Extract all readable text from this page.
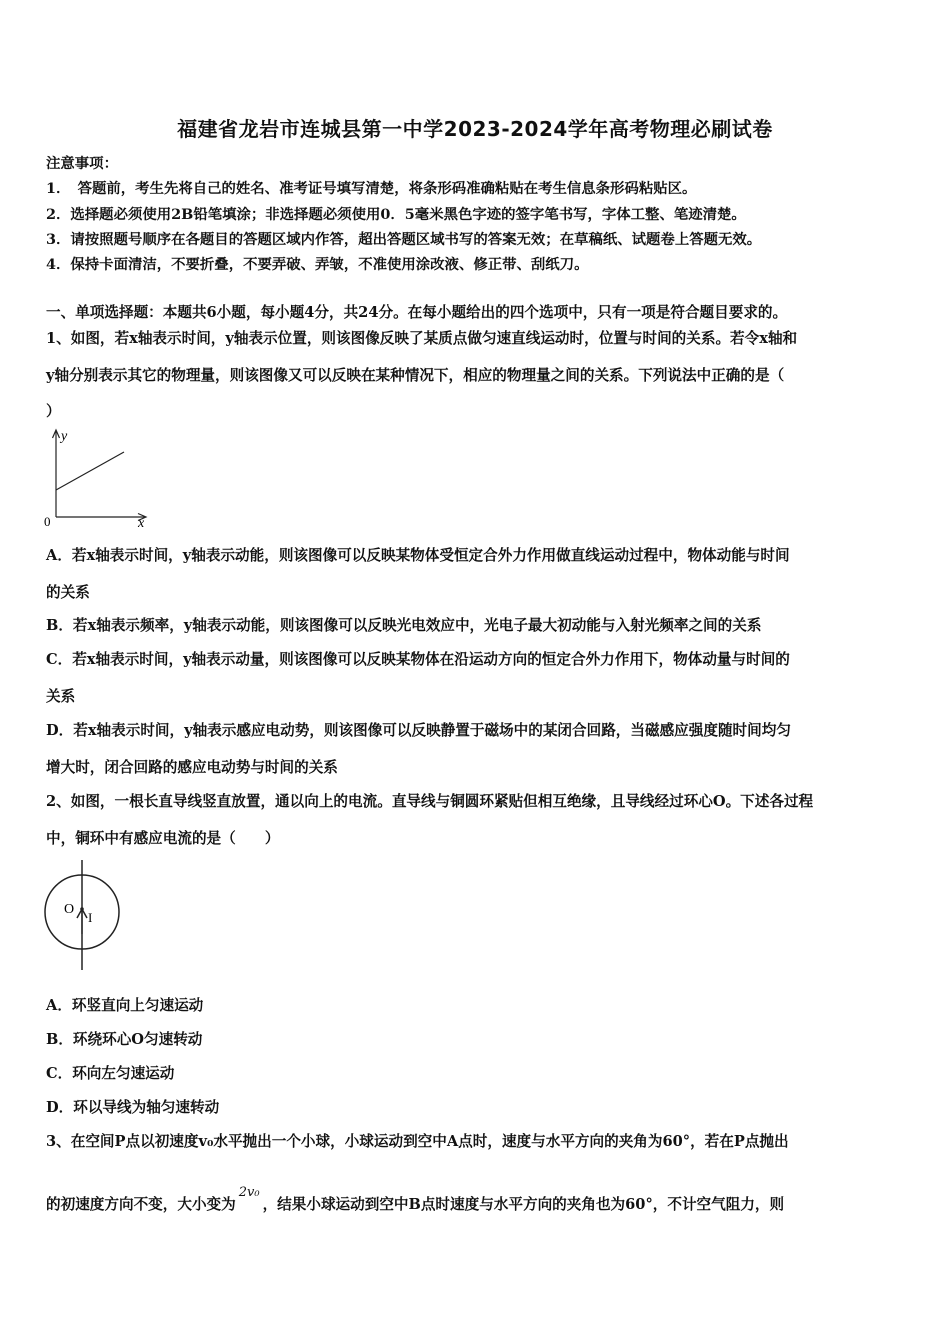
福建省龙岩市连城县第一中学2023-2024学年高考物理必刷试卷
注意事项：
1．　答题前，考生先将自己的姓名、准考证号填写清楚，将条形码准确粘贴在考生信息条形码粘贴区。
2．选择题必须使用2B铅笔填涂；非选择题必须使用0．5毫米黑色字迹的签字笔书写，字体工整、笔迹清楚。
3．请按照题号顺序在各题目的答题区域内作答，超出答题区域书写的答案无效；在草稿纸、试题卷上答题无效。
4．保持卡面清洁，不要折叠，不要弄破、弄皱，不准使用涂改液、修正带、刮纸刀。
一、单项选择题：本题共6小题，每小题4分，共24分。在每小题给出的四个选项中，只有一项是符合题目要求的。
1、如图，若x轴表示时间，y轴表示位置，则该图像反映了某质点做匀速直线运动时，位置与时间的关系。若令x轴和
y轴分别表示其它的物理量，则该图像又可以反映在某种情况下，相应的物理量之间的关系。下列说法中正确的是（
）
y
x
0
A．若x轴表示时间，y轴表示动能，则该图像可以反映某物体受恒定合外力作用做直线运动过程中，物体动能与时间
的关系
B．若x轴表示频率，y轴表示动能，则该图像可以反映光电效应中，光电子最大初动能与入射光频率之间的关系
C．若x轴表示时间，y轴表示动量，则该图像可以反映某物体在沿运动方向的恒定合外力作用下，物体动量与时间的
关系
D．若x轴表示时间，y轴表示感应电动势，则该图像可以反映静置于磁场中的某闭合回路，当磁感应强度随时间均匀
增大时，闭合回路的感应电动势与时间的关系
2、如图，一根长直导线竖直放置，通以向上的电流。直导线与铜圆环紧贴但相互绝缘，且导线经过环心O。下述各过程
中，铜环中有感应电流的是（　　）
O
I
A．环竖直向上匀速运动
B．环绕环心O匀速转动
C．环向左匀速运动
D．环以导线为轴匀速转动
3、在空间P点以初速度v₀水平抛出一个小球，小球运动到空中A点时，速度与水平方向的夹角为60°，若在P点抛出
的初速度方向不变，大小变为2v₀，结果小球运动到空中B点时速度与水平方向的夹角也为60°，不计空气阻力，则
